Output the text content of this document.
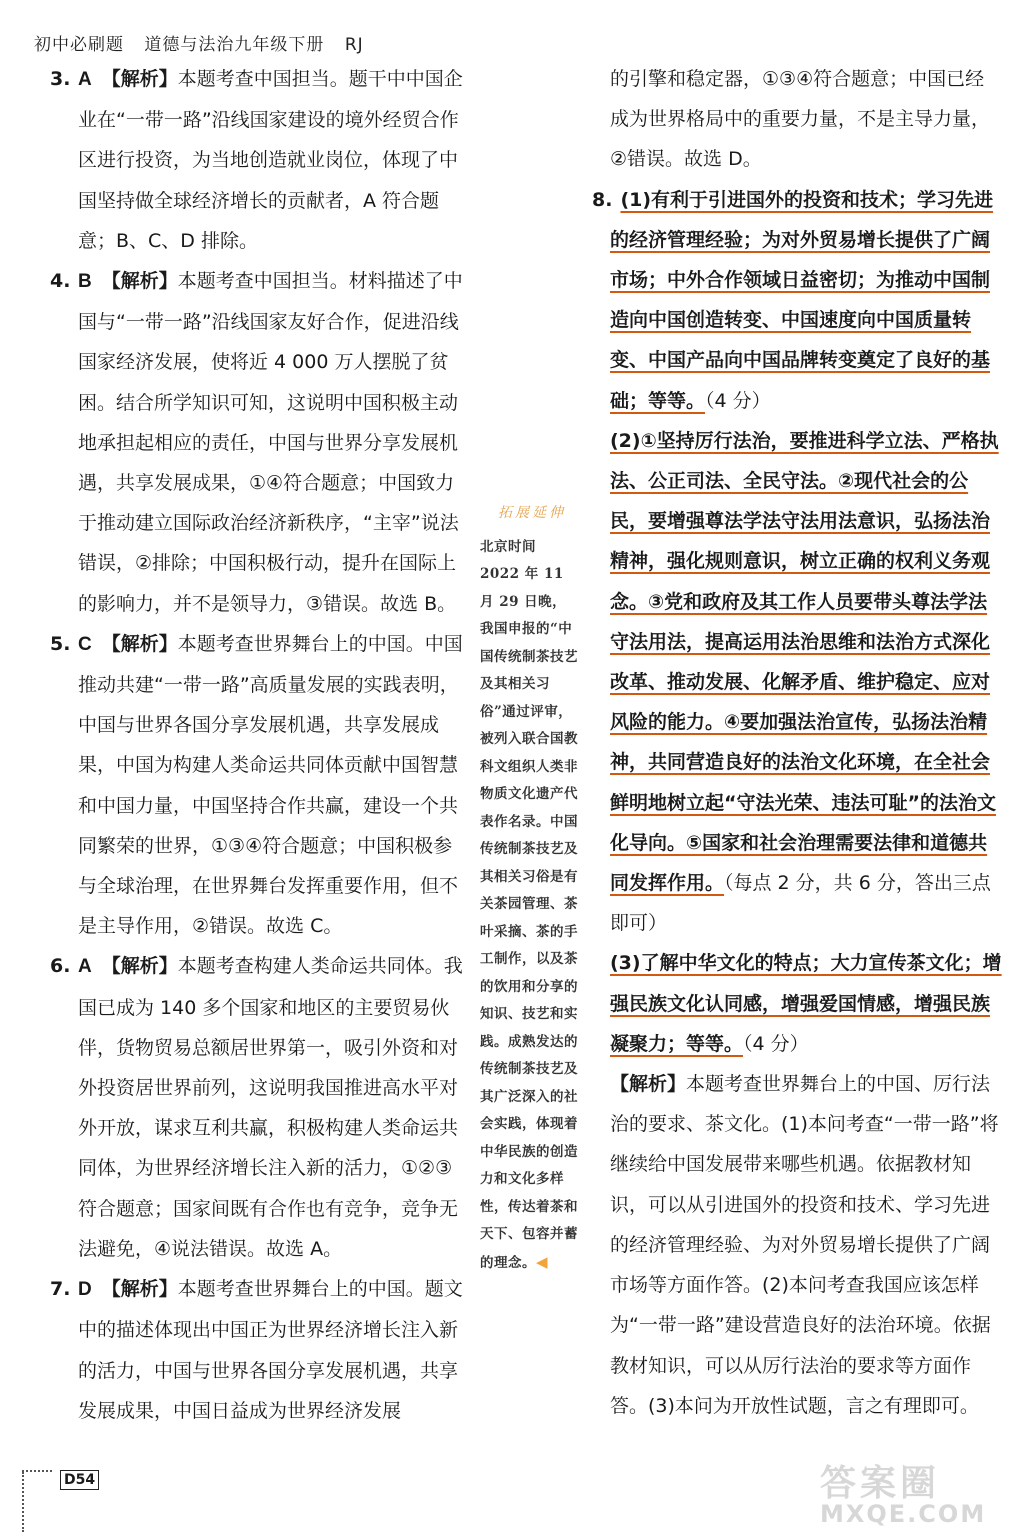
初中必刷题 道德与法治九年级下册 RJ

3. A 【解析】本题考查中国担当。题干中中国企业在“一带一路”沿线国家建设的境外经贸合作区进行投资，为当地创造就业岗位，体现了中国坚持做全球经济增长的贡献者，A 符合题意；B、C、D 排除。

4. B 【解析】本题考查中国担当。材料描述了中国与“一带一路”沿线国家友好合作，促进沿线国家经济发展，使将近 4 000 万人摆脱了贫困。结合所学知识可知，这说明中国积极主动地承担起相应的责任，中国与世界分享发展机遇，共享发展成果，①④符合题意；中国致力于推动建立国际政治经济新秩序，“主宰”说法错误，②排除；中国积极行动，提升在国际上的影响力，并不是领导力，③错误。故选 B。

5. C 【解析】本题考查世界舞台上的中国。中国推动共建“一带一路”高质量发展的实践表明，中国与世界各国分享发展机遇，共享发展成果，中国为构建人类命运共同体贡献中国智慧和中国力量，中国坚持合作共赢，建设一个共同繁荣的世界，①③④符合题意；中国积极参与全球治理，在世界舞台发挥重要作用，但不是主导作用，②错误。故选 C。

6. A 【解析】本题考查构建人类命运共同体。我国已成为 140 多个国家和地区的主要贸易伙伴，货物贸易总额居世界第一，吸引外资和对外投资居世界前列，这说明我国推进高水平对外开放，谋求互利共赢，积极构建人类命运共同体，为世界经济增长注入新的活力，①②③符合题意；国家间既有合作也有竞争，竞争无法避免，④说法错误。故选 A。

7. D 【解析】本题考查世界舞台上的中国。题文中的描述体现出中国正为世界经济增长注入新的活力，中国与世界各国分享发展机遇，共享发展成果，中国日益成为世界经济发展

拓展延伸
北京时间 2022 年 11 月 29 日晚，我国申报的“中国传统制茶技艺及其相关习俗”通过评审，被列入联合国教科文组织人类非物质文化遗产代表作名录。中国传统制茶技艺及其相关习俗是有关茶园管理、茶叶采摘、茶的手工制作，以及茶的饮用和分享的知识、技艺和实践。成熟发达的传统制茶技艺及其广泛深入的社会实践，体现着中华民族的创造力和文化多样性，传达着茶和天下、包容并蓄的理念。◀

的引擎和稳定器，①③④符合题意；中国已经成为世界格局中的重要力量，不是主导力量，②错误。故选 D。

8. (1)有利于引进国外的投资和技术；学习先进的经济管理经验；为对外贸易增长提供了广阔市场；中外合作领域日益密切；为推动中国制造向中国创造转变、中国速度向中国质量转变、中国产品向中国品牌转变奠定了良好的基础；等等。（4 分）
(2)①坚持厉行法治，要推进科学立法、严格执法、公正司法、全民守法。②现代社会的公民，要增强尊法学法守法用法意识，弘扬法治精神，强化规则意识，树立正确的权利义务观念。③党和政府及其工作人员要带头尊法学法守法用法，提高运用法治思维和法治方式深化改革、推动发展、化解矛盾、维护稳定、应对风险的能力。④要加强法治宣传，弘扬法治精神，共同营造良好的法治文化环境，在全社会鲜明地树立起“守法光荣、违法可耻”的法治文化导向。⑤国家和社会治理需要法律和道德共同发挥作用。（每点 2 分，共 6 分，答出三点即可）
(3)了解中华文化的特点；大力宣传茶文化；增强民族文化认同感，增强爱国情感，增强民族凝聚力；等等。（4 分）
【解析】本题考查世界舞台上的中国、厉行法治的要求、茶文化。(1)本问考查“一带一路”将继续给中国发展带来哪些机遇。依据教材知识，可以从引进国外的投资和技术、学习先进的经济管理经验、为对外贸易增长提供了广阔市场等方面作答。(2)本问考查我国应该怎样为“一带一路”建设营造良好的法治环境。依据教材知识，可以从厉行法治的要求等方面作答。(3)本问为开放性试题，言之有理即可。

D54	答案圈
MXQE.COM
